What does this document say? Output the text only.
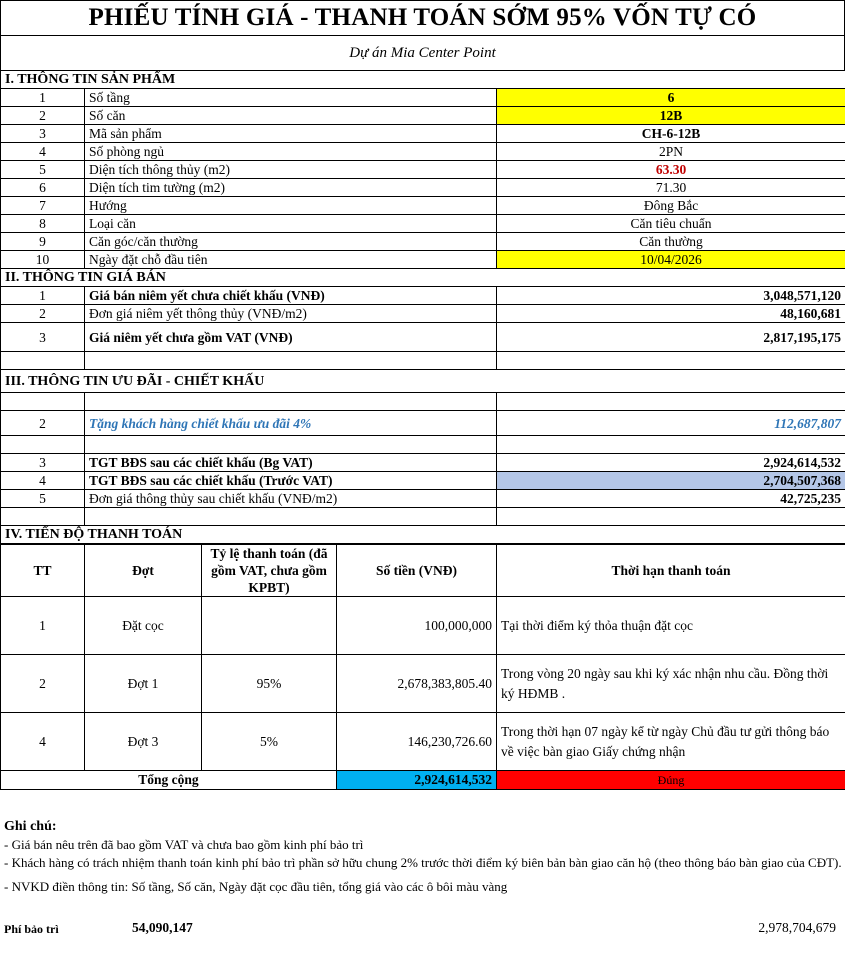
PHIẾU TÍNH GIÁ - THANH TOÁN SỚM 95% VỐN TỰ CÓ
Dự án Mia Center Point
I. THÔNG TIN SẢN PHẨM		
1	Số tầng	6
2	Số căn	12B
3	Mã sản phẩm	CH-6-12B
4	Số phòng ngủ	2PN
5	Diện tích thông thủy (m2)	63.30
6	Diện tích tim tường (m2)	71.30
7	Hướng	Đông Bắc
8	Loại căn	Căn tiêu chuẩn
9	Căn góc/căn thường	Căn thường
10	Ngày đặt chỗ đầu tiên	10/04/2026
II. THÔNG TIN GIÁ BÁN		
1	Giá bán niêm yết chưa chiết khấu (VNĐ)	3,048,571,120
2	Đơn giá niêm yết thông thủy (VNĐ/m2)	48,160,681
3	Giá niêm yết chưa gồm VAT (VNĐ)	2,817,195,175

III. THÔNG TIN ƯU ĐÃI - CHIẾT KHẤU		

2	Tặng khách hàng chiết khấu ưu đãi 4%	112,687,807

3	TGT BĐS sau các chiết khấu (Bg VAT)	2,924,614,532
4	TGT BĐS sau các chiết khấu (Trước VAT)	2,704,507,368
5	Đơn giá thông thủy sau chiết khấu (VNĐ/m2)	42,725,235

IV. TIẾN ĐỘ THANH TOÁN		
TT	Đợt	Tỷ lệ thanh toán (đã gồm VAT, chưa gồm KPBT)	Số tiền (VNĐ)	Thời hạn thanh toán
1	Đặt cọc		100,000,000	Tại thời điểm ký thỏa thuận đặt cọc
2	Đợt 1	95%	2,678,383,805.40	Trong vòng 20 ngày sau khi ký xác nhận nhu cầu. Đồng thời ký HĐMB .
4	Đợt 3	5%	146,230,726.60	Trong thời hạn 07 ngày kể từ ngày Chủ đầu tư gửi thông báo về việc bàn giao Giấy chứng nhận
Tổng cộng			2,924,614,532	Đúng
Ghi chú:
- Giá bán nêu trên đã bao gồm VAT và chưa bao gồm kinh phí bảo trì
- Khách hàng có trách nhiệm thanh toán kinh phí bảo trì phần sở hữu chung 2% trước thời điểm ký biên bản bàn giao căn hộ (theo thông báo bàn giao của CĐT).
- NVKD điền thông tin: Số tầng, Số căn, Ngày đặt cọc đầu tiên, tổng giá vào các ô bôi màu vàng
Phí bảo trì	54,090,147	2,978,704,679
